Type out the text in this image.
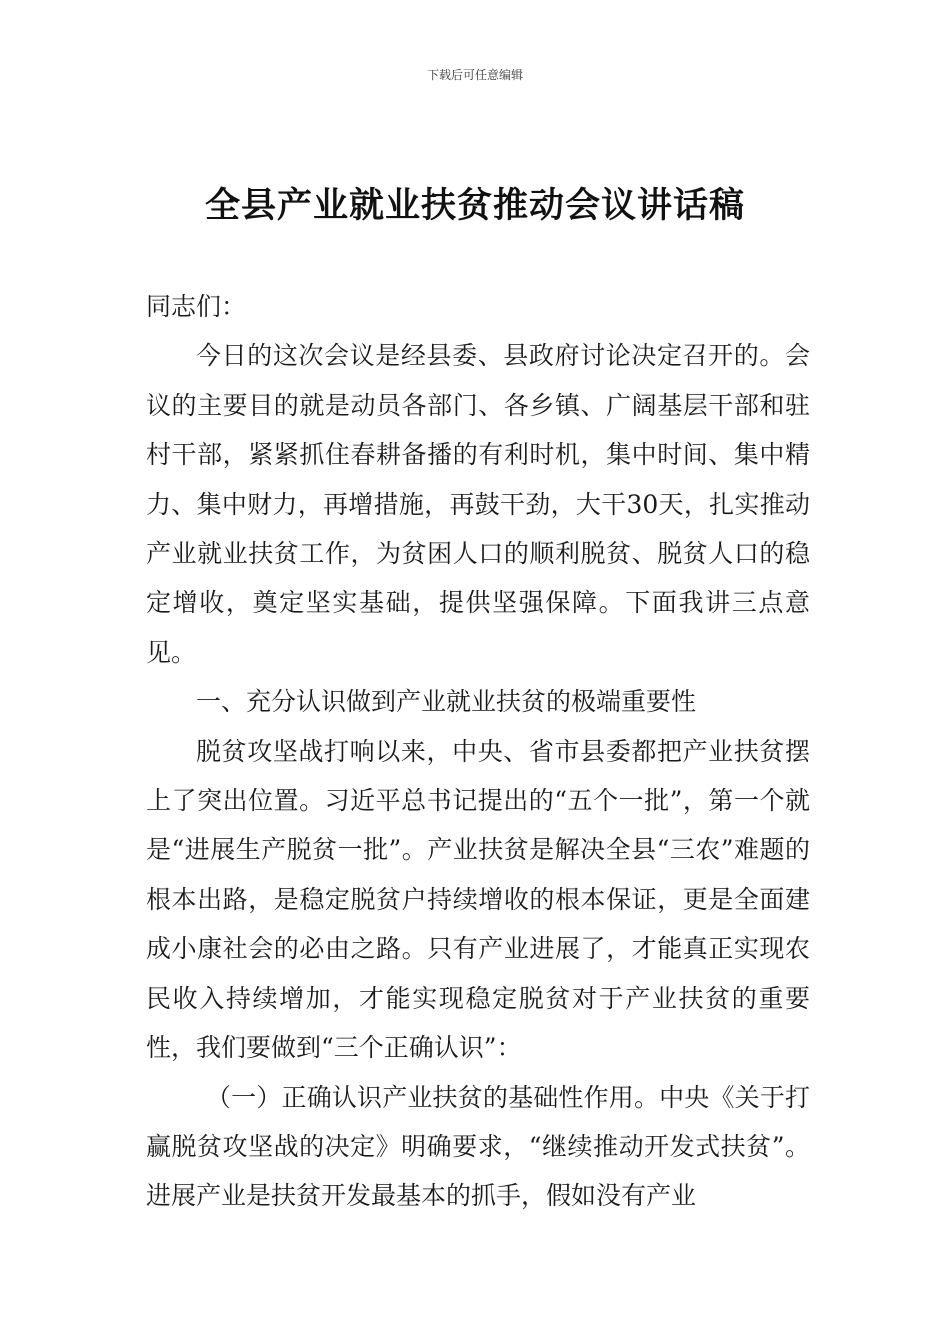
下载后可任意编辑
全县产业就业扶贫推动会议讲话稿

同志们：

今日的这次会议是经县委、县政府讨论决定召开的。会议的主要目的就是动员各部门、各乡镇、广阔基层干部和驻村干部，紧紧抓住春耕备播的有利时机，集中时间、集中精力、集中财力，再增措施，再鼓干劲，大干30天，扎实推动产业就业扶贫工作，为贫困人口的顺利脱贫、脱贫人口的稳定增收，奠定坚实基础，提供坚强保障。下面我讲三点意见。

一、充分认识做到产业就业扶贫的极端重要性

脱贫攻坚战打响以来，中央、省市县委都把产业扶贫摆上了突出位置。习近平总书记提出的“五个一批”，第一个就是“进展生产脱贫一批”。产业扶贫是解决全县“三农”难题的根本出路，是稳定脱贫户持续增收的根本保证，更是全面建成小康社会的必由之路。只有产业进展了，才能真正实现农民收入持续增加，才能实现稳定脱贫对于产业扶贫的重要性，我们要做到“三个正确认识”：

（一）正确认识产业扶贫的基础性作用。中央《关于打赢脱贫攻坚战的决定》明确要求，“继续推动开发式扶贫”。进展产业是扶贫开发最基本的抓手，假如没有产业
